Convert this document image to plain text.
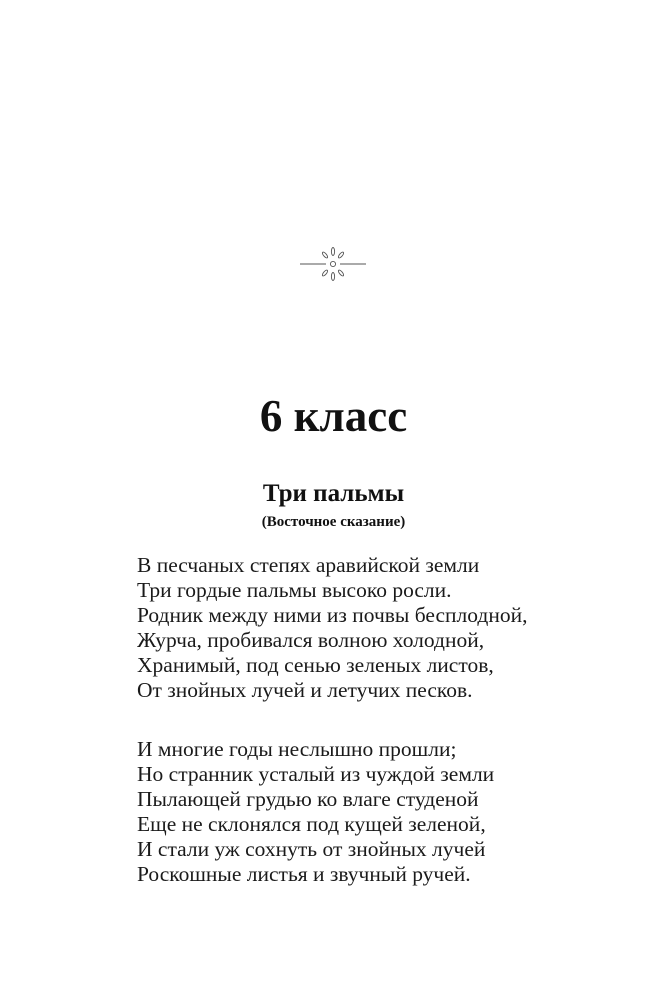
6 класс
Три пальмы
(Восточное сказание)

В песчаных степях аравийской земли
Три гордые пальмы высоко росли.
Родник между ними из почвы бесплодной,
Журча, пробивался волною холодной,
Хранимый, под сенью зеленых листов,
От знойных лучей и летучих песков.

И многие годы неслышно прошли;
Но странник усталый из чуждой земли
Пылающей грудью ко влаге студеной
Еще не склонялся под кущей зеленой,
И стали уж сохнуть от знойных лучей
Роскошные листья и звучный ручей.
